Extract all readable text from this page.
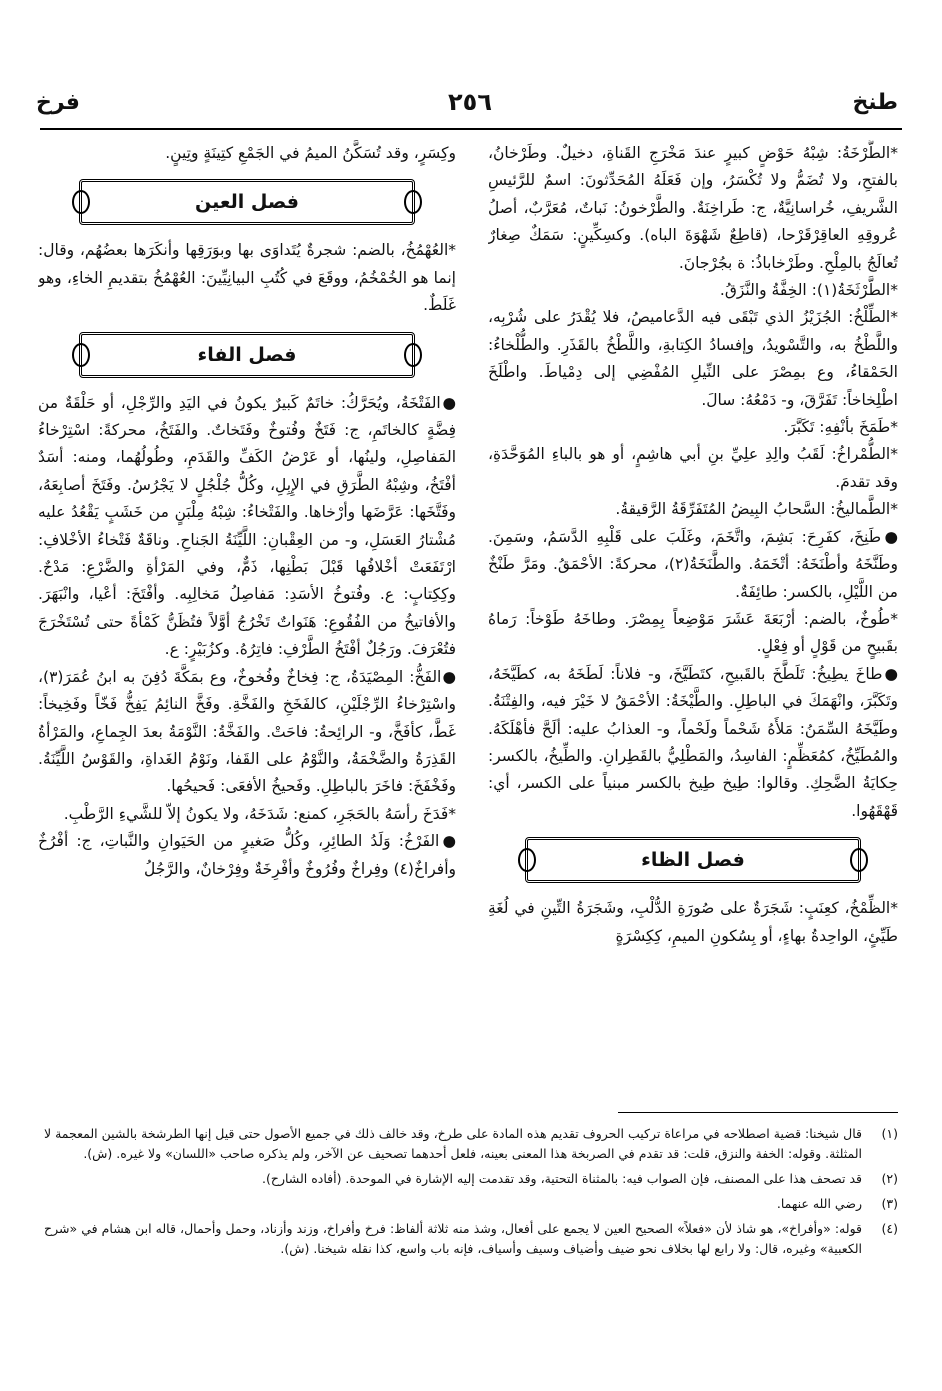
طنخ
٢٥٦
فرخ

*الطَّرْخَةُ: شِبْهُ حَوْضٍ كبيرٍ عندَ مَخْرَجِ القَناةِ، دخيلٌ. وطَرْخانُ، بالفتحِ، ولا تُضَمُّ ولا تُكْسَرُ، وإن فَعَلَهُ المُحَدِّثونَ: اسمٌ للرَّئيسِ الشَّريفِ، خُراسانِيَّةٌ، ج: طَراخِنَةٌ. والطَّرْخونُ: نَباتٌ، مُعَرَّبٌ، أصلُ عُروقِهِ العاقِرْقَرْحا، (قاطِعٌ شَهْوَةَ الباه). وكسِكِّينٍ: سَمَكٌ صِغارٌ تُعالَجُ بالمِلْحِ. وطَرْخاباذُ: ة بجُرْجانَ.

*الطَّرْثَخَةُ(١): الخِفَّةُ والنَّزَقُ.

*الطِّلْخُ: الجُزَيْزُ الذي تَبْقَى فيه الدَّعاميصُ، فلا يُقْدَرُ على شُرْبِه، واللَّطْخُ به، والتَّسْويدُ، وإفسادُ الكِتابةِ، واللَّطْخُ بالقَذَرِ. والطُّلْخاءُ: الحَمْقاءُ، وع بمِصْرَ على النِّيلِ المُفْضِي إلى دِمْياطَ. واطْلَخَ اطْلِخاخاً: تَفَرَّقَ، و- دَمْعُهُ: سالَ.

*طَمَخَ بأنْفِهِ: تَكَبَّرَ.

*الطُّمْراخُ: لَقَبُ والِدِ علِيِّ بنِ أبي هاشِمٍ، أو هو بالباءِ المُوَحَّدَةِ، وقد تقدمَ.

*الطَّماليخُ: السَّحابُ البِيضُ المُتَفَرِّقَةُ الرَّقيقةُ.

●طَنِخَ، كفَرِحَ: بَشِمَ، واتَّخَمَ، وغَلَبَ على قَلْبِهِ الدَّسَمُ، وسَمِنَ. وطَنَّخَهُ وأطْنَخَهُ: أتْخَمَهُ. والطَّنَخَةُ(٢)، محركةً: الأحْمَقُ. ومَرَّ طَنْخٌ من اللَّيْلِ، بالكسر: طائِفَةٌ.

*طُوخٌ، بالضم: أرْبَعَةَ عَشَرَ مَوْضِعاً بِمِصْرَ. وطاخَهُ طَوْخاً: رَماهُ بقَبيحٍ من قَوْلٍ أو فِعْلٍ.

●طاخَ يطِيخُ: تَلَطَّخَ بالقَبيحِ، كتَطَيَّخَ، و- فلاناً: لَطَخَهُ به، كطَيَّخَهُ، وتَكَبَّرَ، وانْهَمَكَ في الباطِلِ. والطَّيْخَةُ: الأحْمَقُ لا خَيْرَ فيه، والفِتْنَةُ. وطَيَّخَهُ السِّمَنُ: مَلأَهُ شَحْماً ولَحْماً، و- العذابُ عليه: ألَحَّ فأهْلَكَهُ. والمُطَيِّخُ، كمُعَظِّمٍ: الفاسِدُ، والمَطْلِيُّ بالقَطِرانِ. والطِّيخُ، بالكسر: حِكايَةُ الضَّحِكِ. وقالوا: طِيخ طِيخ بالكسر مبنياً على الكسر، أي: قَهْقَهُوا.

فصل الظاء

*الظِّمْخُ، كعِنَبٍ: شَجَرَةٌ على صُورَةِ الدُّلْبِ، وشَجَرَةُ التِّينِ في لُغَةِ طَيِّئٍ، الواحِدةُ بهاءٍ، أو بِسُكونِ الميمِ، كِكِسْرَةٍ

وكِسَرٍ، وقد تُسَكَّنُ الميمُ في الجَمْعِ كتِينَةٍ وتِينٍ.

فصل العين

*العُهْمُخُ، بالضم: شجرةٌ يُتَداوَى بها وبوَرَقِها وأنكَرَها بعضُهُم، وقال: إنما هو الخُمْخُمُ، ووقَعَ في كُتُبِ البيانِيِّينَ: العُهْمُخُ بتقديمِ الخاءِ، وهو غَلَطٌ.

فصل الفاء

●الفَتْخَةُ، ويُحَرَّكُ: خاتَمٌ كَبيرٌ يكونُ في اليَدِ والرِّجْلِ، أو حَلْقَةٌ من فِضَّةٍ كالخاتَمِ، ج: فَتَخٌ وفُتوخٌ وفَتَخاتٌ. والفَتَخُ، محركةً: اسْتِرْخاءُ المَفاصِلِ، ولينُها، أو عَرْضُ الكَفِّ والقَدَمِ، وطُولُهُما، ومنه: أسَدٌ أفْتَخُ، وشِبْهُ الطَّرَقِ في الإِبِلِ، وكُلُّ جُلْجُلٍ لا يَجْرُسُ. وفَتَخَ أصابِعَهُ، وفَتَّخَها: عَرَّضَها وأرْخاها. والفَتْخاءُ: شِبْهُ مِلْبَنٍ من خَشَبٍ يَقْعُدُ عليه مُشْتارُ العَسَلِ، و- من العِقْبانِ: اللَّيِّنَةُ الجَناحِ. وناقَةٌ فَتْخاءُ الأخْلافِ: ارْتَفَعَتْ أخْلافُها قَبْلَ بَطْنِها، ذَمٌّ، وفي المَرْأةِ والضَّرْعِ: مَدْحٌ. وكِكِتابٍ: ع. وفُتوخُ الأسَدِ: مَفاصِلُ مَخالِبِه. وأفْتَخَ: أعْيا، وانْبَهَرَ. والأفاتيخُ من الفُقُوعِ: هَنَواتٌ تَخْرُجُ أوَّلاً فتُظَنُّ كَمْأةً حتى تُسْتَخْرَجَ فتُعْرَفَ. ورَجُلٌ أفْتَخُ الطَّرْفِ: فاتِرُهُ. وكزُبَيْرٍ: ع.

●الفَخُّ: المِصْيَدَةُ، ج: فِخاخٌ وفُخوخٌ، وع بمَكَّةَ دُفِنَ به ابنُ عُمَرَ(٣)، واسْتِرْخاءُ الرِّجْلَيْنِ، كالفَخَخِ والفَخَّةِ. وفَخَّ النائِمُ يَفِخُّ فَخّاً وفَخِيخاً: غَطَّ، كأفَخَّ، و- الرائِحةُ: فاحَتْ. والفَخَّةُ: النَّوْمَةُ بعدَ الجِماعِ، والمَرْأةُ القَذِرَةُ والضَّخْمَةُ، والنَّوْمُ على القَفا، ونَوْمُ الغَداةِ، والقَوْسُ اللَّيِّنَةُ. وفَخْفَخَ: فاخَرَ بالباطِلِ. وفَحيخُ الأفعَى: فَحيحُها.

*فَدَخَ رأسَهُ بالحَجَرِ، كمنع: شَدَخَهُ، ولا يكونُ إلاّ للشَّيءِ الرَّطْبِ.

●الفَرْخُ: وَلَدُ الطائِرِ، وكُلُّ صَغيرٍ من الحَيَوانِ والنَّباتِ، ج: أفْرُخٌ وأفراخٌ(٤) وفِراخٌ وفُرُوخٌ وأفْرِخَةٌ وفِرْخانٌ، والرَّجُلُ

(١)
قال شيخنا: قضية اصطلاحه في مراعاة تركيب الحروف تقديم هذه المادة على طرخ، وقد خالف ذلك في جميع الأصول حتى قيل إنها الطرشخة بالشين المعجمة لا المثلثة. وقوله: الخفة والنزق، قلت: قد تقدم في الصربخة هذا المعنى بعينه، فلعل أحدهما تصحيف عن الآخر، ولم يذكره صاحب «اللسان» ولا غيره. (ش).
(٢)
قد تصحف هذا على المصنف، فإن الصواب فيه: بالمثناة التحتية، وقد تقدمت إليه الإشارة في الموحدة. (أفاده الشارح).
(٣)
رضي الله عنهما.
(٤)
قوله: «وأفراخ»، هو شاذ لأن «فعلاً» الصحيح العين لا يجمع على أفعال، وشذ منه ثلاثة ألفاظ: فرخ وأفراخ، وزند وأزناد، وحمل وأحمال، قاله ابن هشام في «شرح الكعبية» وغيره، قال: ولا رابع لها بخلاف نحو ضيف وأضياف وسيف وأسياف، فإنه باب واسع، كذا نقله شيخنا. (ش).
